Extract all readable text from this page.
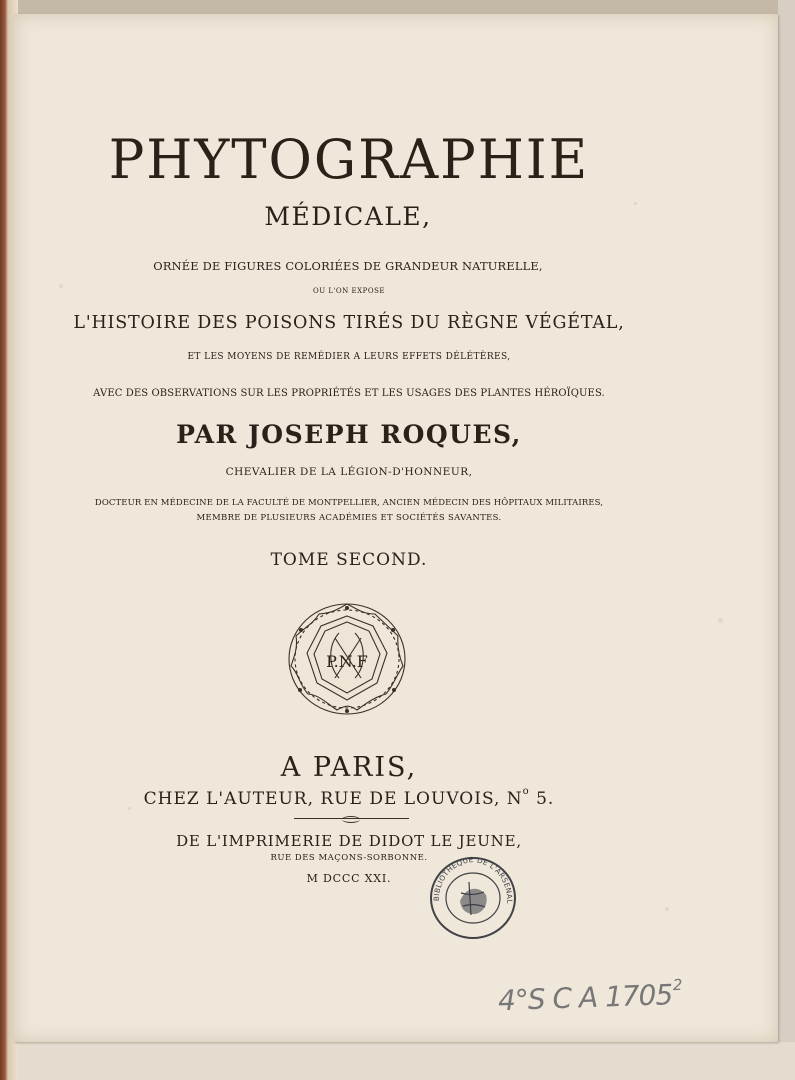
PHYTOGRAPHIE
MÉDICALE,
ORNÉE DE FIGURES COLORIÉES DE GRANDEUR NATURELLE,
OU L'ON EXPOSE
L'HISTOIRE DES POISONS TIRÉS DU RÈGNE VÉGÉTAL,
ET LES MOYENS DE REMÉDIER A LEURS EFFETS DÉLÉTÈRES,
AVEC DES OBSERVATIONS SUR LES PROPRIÉTÉS ET LES USAGES DES PLANTES HÉROÏQUES.
PAR JOSEPH ROQUES,
CHEVALIER DE LA LÉGION-D'HONNEUR,
DOCTEUR EN MÉDECINE DE LA FACULTÉ DE MONTPELLIER, ANCIEN MÉDECIN DES HÔPITAUX MILITAIRES,
MEMBRE DE PLUSIEURS ACADÉMIES ET SOCIÉTÉS SAVANTES.
TOME SECOND.
P.N.F
A PARIS,
CHEZ L'AUTEUR, RUE DE LOUVOIS, $N^o$ 5.
DE L'IMPRIMERIE DE DIDOT LE JEUNE,
RUE DES MAÇONS-SORBONNE.
M DCCC XXI.
BIBLIOTHEQUE DE L'ARSENAL
4°S C A 1705$^2$
